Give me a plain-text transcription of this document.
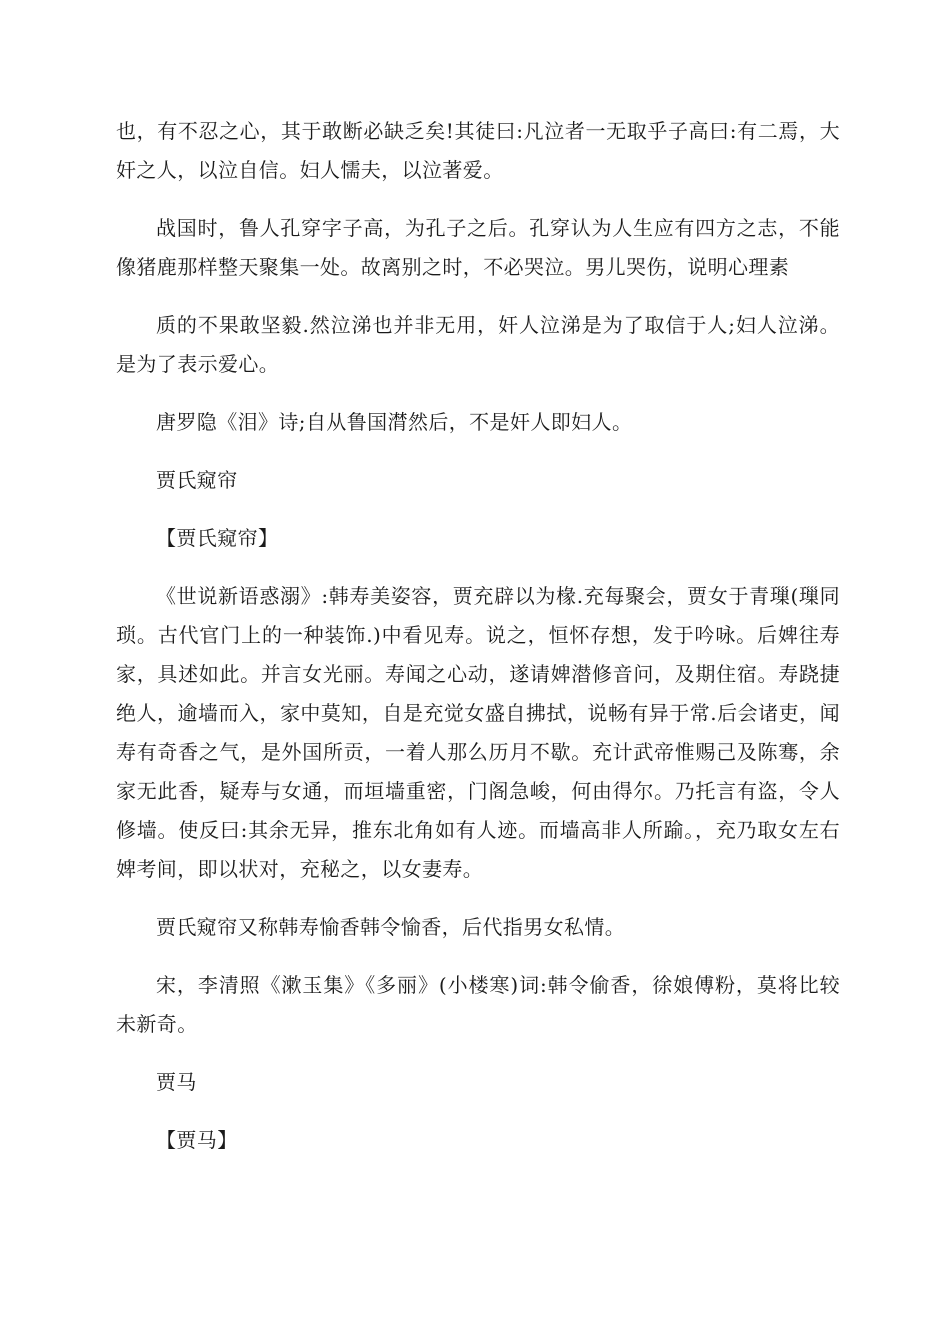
也，有不忍之心，其于敢断必缺乏矣!其徒曰:凡泣者一无取乎子高曰:有二焉，大奸之人，以泣自信。妇人懦夫，以泣著爱。

战国时，鲁人孔穿字子高，为孔子之后。孔穿认为人生应有四方之志，不能像猪鹿那样整天聚集一处。故离别之时，不必哭泣。男儿哭伤，说明心理素

质的不果敢坚毅.然泣涕也并非无用，奸人泣涕是为了取信于人;妇人泣涕。是为了表示爱心。

唐罗隐《泪》诗;自从鲁国潸然后，不是奸人即妇人。

贾氏窥帘

【贾氏窥帘】

《世说新语惑溺》:韩寿美姿容，贾充辟以为椽.充每聚会，贾女于青璅(璅同琐。古代官门上的一种装饰.)中看见寿。说之，恒怀存想，发于吟咏。后婢往寿家，具述如此。并言女光丽。寿闻之心动，遂请婢潜修音问，及期住宿。寿跷捷绝人，逾墙而入，家中莫知，自是充觉女盛自拂拭，说畅有异于常.后会诸吏，闻寿有奇香之气，是外国所贡，一着人那么历月不歇。充计武帝惟赐己及陈骞，余家无此香，疑寿与女通，而垣墙重密，门阁急峻，何由得尔。乃托言有盗，令人修墙。使反曰:其余无异，推东北角如有人迹。而墙高非人所踰。，充乃取女左右婢考间，即以状对，充秘之，以女妻寿。

贾氏窥帘又称韩寿愉香韩令愉香，后代指男女私情。

宋，李清照《漱玉集》《多丽》(小楼寒)词:韩令偷香，徐娘傅粉，莫将比较未新奇。

贾马

【贾马】
